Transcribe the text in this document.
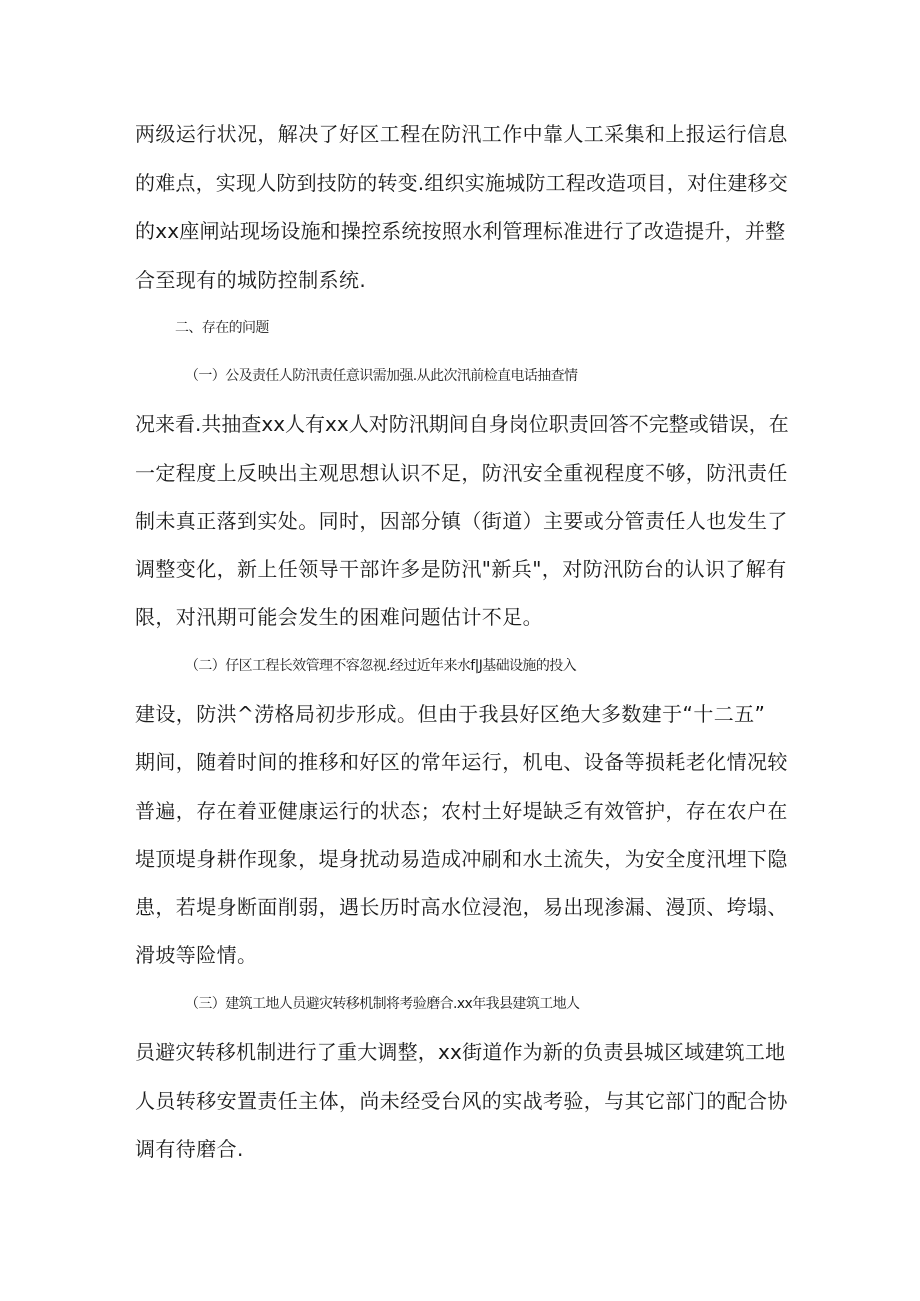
两级运行状况，解决了好区工程在防汛工作中靠人工采集和上报运行信息
的难点，实现人防到技防的转变.组织实施城防工程改造项目，对住建移交
的xx座闸站现场设施和操控系统按照水利管理标准进行了改造提升，并整
合至现有的城防控制系统.
二、存在的问题
（一）公及责任人防汛责任意识需加强.从此次汛前检直电话抽查情
况来看.共抽查xx人有xx人对防汛期间自身岗位职责回答不完整或错误，在
一定程度上反映出主观思想认识不足，防汛安全重视程度不够，防汛责任
制未真正落到实处。同时，因部分镇（街道）主要或分管责任人也发生了
调整变化，新上任领导干部许多是防汛"新兵"，对防汛防台的认识了解有
限，对汛期可能会发生的困难问题估计不足。
（二）仔区工程长效管理不容忽视.经过近年来水f|J基础设施的投入
建设，防洪^涝格局初步形成。但由于我县好区绝大多数建于“十二五”
期间，随着时间的推移和好区的常年运行，机电、设备等损耗老化情况较
普遍，存在着亚健康运行的状态；农村土好堤缺乏有效管护，存在农户在
堤顶堤身耕作现象，堤身扰动易造成冲刷和水土流失，为安全度汛埋下隐
患，若堤身断面削弱，遇长历时高水位浸泡，易出现渗漏、漫顶、垮塌、
滑坡等险情。
（三）建筑工地人员避灾转移机制将考验磨合.xx年我县建筑工地人
员避灾转移机制进行了重大调整，xx街道作为新的负责县城区域建筑工地
人员转移安置责任主体，尚未经受台风的实战考验，与其它部门的配合协
调有待磨合.
